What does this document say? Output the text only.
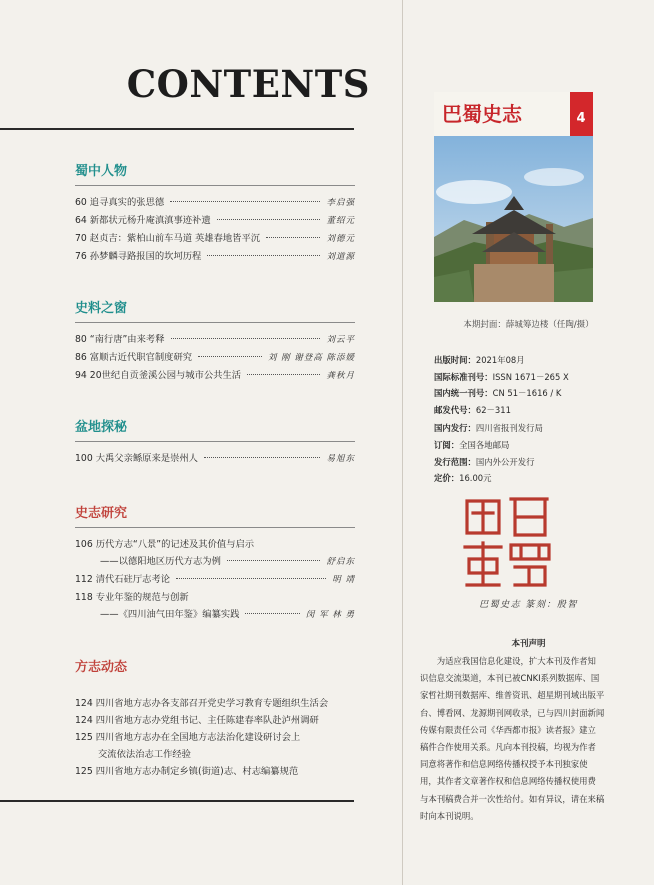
CONTENTS
蜀中人物
60 追寻真实的张思德	李启强
64 新都状元杨升庵滇滇事迹补遗	董绍元
70 赵贞吉：紫柏山前车马道 英雄春地皆平沉	刘德元
76 孙梦麟寻路报国的坎坷历程	刘道源
史料之窗
80 “南行唐”由来考释	刘云平
86 富顺古近代职官制度研究	刘 刚 谢登高 陈添媛
94 20世纪自贡釜溪公园与城市公共生活	龚秋月
盆地探秘
100 大禹父亲鲧原来是崇州人	易旭东
史志研究
106 历代方志“八景”的记述及其价值与启示
——以德阳地区历代方志为例	舒启东
112 清代石砫厅志考论	明 靖
118 专业年鉴的规范与创新
——《四川油气田年鉴》编纂实践	闵 军 林 勇
方志动态
124 四川省地方志办各支部召开党史学习教育专题组织生活会
124 四川省地方志办党组书记、主任陈建春率队赴泸州调研
125 四川省地方志办在全国地方志法治化建设研讨会上
交流依法治志工作经验
125 四川省地方志办制定乡镇(街道)志、村志编纂规范
4
巴蜀史志
本期封面：薛城筹边楼（任陶/摄）
出版时间：2021年08月
国际标准刊号：ISSN 1671－265 X
国内统一刊号：CN 51－1616 / K
邮发代号：62－311
国内发行：四川省报刊发行局
订阅：全国各地邮局
发行范围：国内外公开发行
定价：16.00元
巴蜀史志 篆刻：殷智
本刊声明
　　为适应我国信息化建设，扩大本刊及作者知
识信息交流渠道，本刊已被CNKI系列数据库、国
家哲社期刊数据库、维普资讯、超星期刊域出版平
台、博看网、龙源期刊网收录，已与四川封面新闻
传媒有限责任公司《华西都市报》读者报》建立
稿件合作使用关系。凡向本刊投稿，均视为作者
同意将著作和信息网络传播权授予本刊独家使
用，其作者文章著作权和信息网络传播权使用费
与本刊稿费合并一次性给付。如有异议，请在来稿
时向本刊说明。
